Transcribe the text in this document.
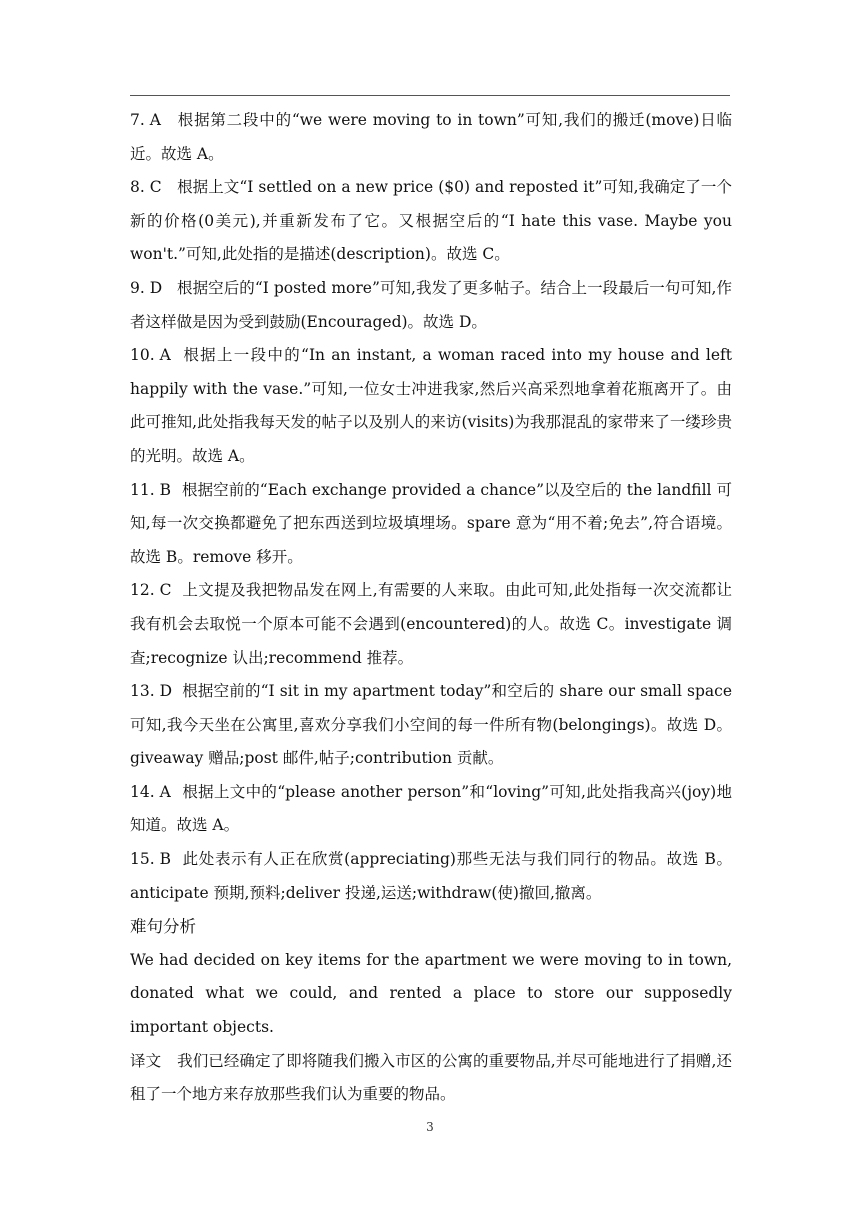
7. A 根据第二段中的“we were moving to in town”可知,我们的搬迁(move)日临近。故选 A。
8. C 根据上文“I settled on a new price ($0) and reposted it”可知,我确定了一个新的价格(0美元),并重新发布了它。又根据空后的“I hate this vase. Maybe you won't.”可知,此处指的是描述(description)。故选 C。
9. D 根据空后的“I posted more”可知,我发了更多帖子。结合上一段最后一句可知,作者这样做是因为受到鼓励(Encouraged)。故选 D。
10. A 根据上一段中的“In an instant, a woman raced into my house and left happily with the vase.”可知,一位女士冲进我家,然后兴高采烈地拿着花瓶离开了。由此可推知,此处指我每天发的帖子以及别人的来访(visits)为我那混乱的家带来了一缕珍贵的光明。故选 A。
11. B 根据空前的“Each exchange provided a chance”以及空后的 the landfill 可知,每一次交换都避免了把东西送到垃圾填埋场。spare 意为“用不着;免去”,符合语境。故选 B。remove 移开。
12. C 上文提及我把物品发在网上,有需要的人来取。由此可知,此处指每一次交流都让我有机会去取悦一个原本可能不会遇到(encountered)的人。故选 C。investigate 调查;recognize 认出;recommend 推荐。
13. D 根据空前的“I sit in my apartment today”和空后的 share our small space 可知,我今天坐在公寓里,喜欢分享我们小空间的每一件所有物(belongings)。故选 D。giveaway 赠品;post 邮件,帖子;contribution 贡献。
14. A 根据上文中的“please another person”和“loving”可知,此处指我高兴(joy)地知道。故选 A。
15. B 此处表示有人正在欣赏(appreciating)那些无法与我们同行的物品。故选 B。anticipate 预期,预料;deliver 投递,运送;withdraw(使)撤回,撤离。
难句分析
We had decided on key items for the apartment we were moving to in town, donated what we could, and rented a place to store our supposedly important objects.
译文 我们已经确定了即将随我们搬入市区的公寓的重要物品,并尽可能地进行了捐赠,还租了一个地方来存放那些我们认为重要的物品。
3
